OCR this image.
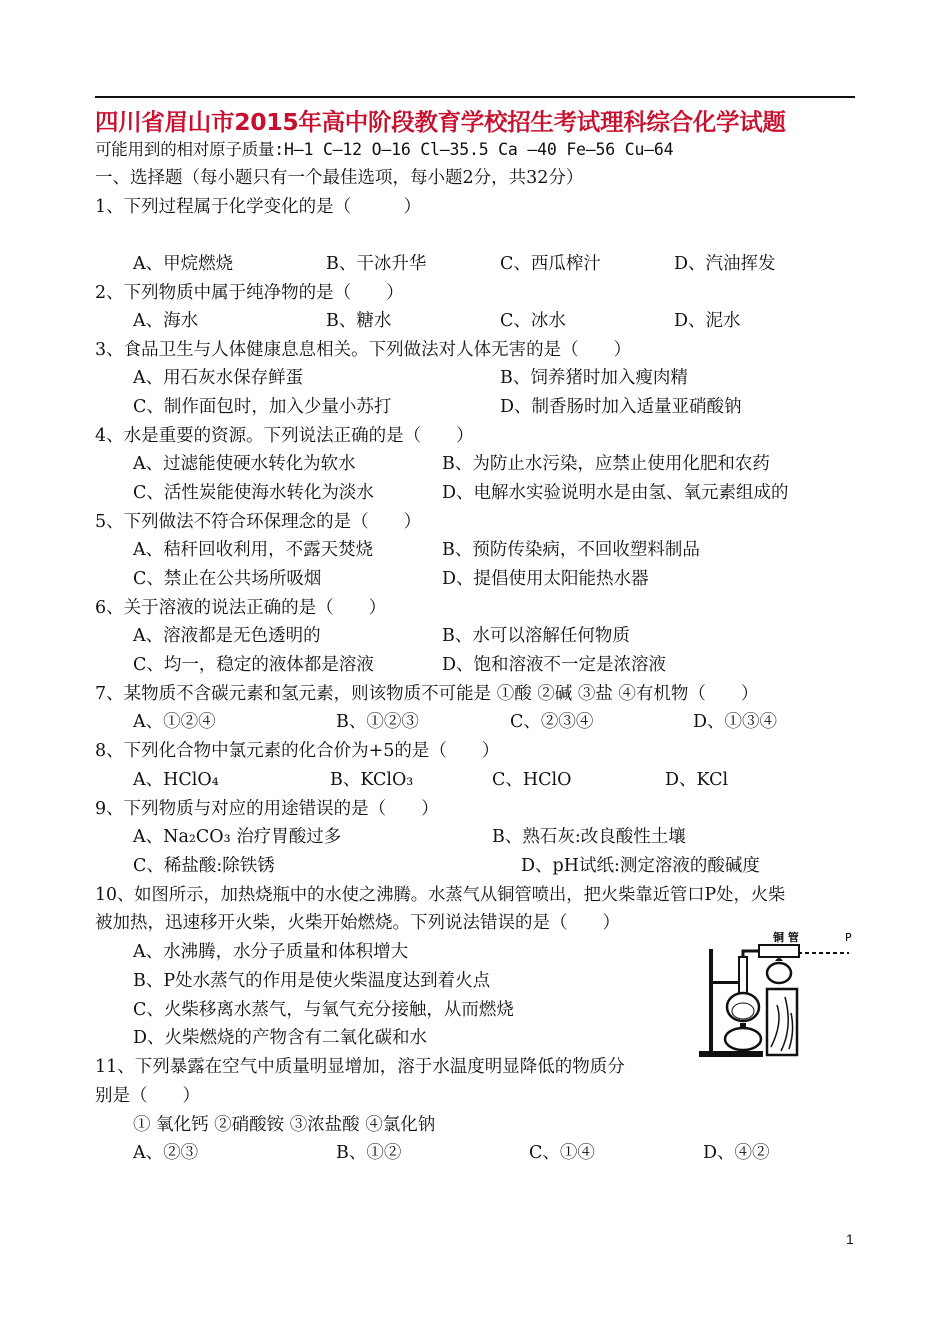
四川省眉山市2015年高中阶段教育学校招生考试理科综合化学试题
可能用到的相对原子质量:H—1 C—12 O—16 Cl—35.5 Ca —40 Fe—56 Cu—64
一、选择题（每小题只有一个最佳选项，每小题2分，共32分）
1、下列过程属于化学变化的是（　　　）
A、甲烷燃烧	B、干冰升华	C、西瓜榨汁	D、汽油挥发
2、下列物质中属于纯净物的是（　　）
A、海水	B、糖水	C、冰水	D、泥水
3、食品卫生与人体健康息息相关。下列做法对人体无害的是（　　）
A、用石灰水保存鲜蛋	B、饲养猪时加入瘦肉精
C、制作面包时，加入少量小苏打	D、制香肠时加入适量亚硝酸钠
4、水是重要的资源。下列说法正确的是（　　）
A、过滤能使硬水转化为软水	B、为防止水污染，应禁止使用化肥和农药
C、活性炭能使海水转化为淡水	D、电解水实验说明水是由氢、氧元素组成的
5、下列做法不符合环保理念的是（　　）
A、秸秆回收利用，不露天焚烧	B、预防传染病，不回收塑料制品
C、禁止在公共场所吸烟	D、提倡使用太阳能热水器
6、关于溶液的说法正确的是（　　）
A、溶液都是无色透明的	B、水可以溶解任何物质
C、均一，稳定的液体都是溶液	D、饱和溶液不一定是浓溶液
7、某物质不含碳元素和氢元素，则该物质不可能是 ①酸 ②碱 ③盐 ④有机物（　　）
A、①②④	B、①②③	C、②③④	D、①③④
8、下列化合物中氯元素的化合价为+5的是（　　）
A、HClO₄	B、KClO₃	C、HClO	D、KCl
9、下列物质与对应的用途错误的是（　　）
A、Na₂CO₃ 治疗胃酸过多	B、熟石灰:改良酸性土壤
C、稀盐酸:除铁锈	D、pH试纸:测定溶液的酸碱度
10、如图所示，加热烧瓶中的水使之沸腾。水蒸气从铜管喷出，把火柴靠近管口P处，火柴
被加热，迅速移开火柴，火柴开始燃烧。下列说法错误的是（　　）
A、水沸腾，水分子质量和体积增大
B、P处水蒸气的作用是使火柴温度达到着火点
C、火柴移离水蒸气，与氧气充分接触，从而燃烧
D、火柴燃烧的产物含有二氧化碳和水
铜 管	P
11、下列暴露在空气中质量明显增加，溶于水温度明显降低的物质分
别是（　　）
① 氧化钙 ②硝酸铵 ③浓盐酸 ④氯化钠
A、②③	B、①②	C、①④	D、④②
1
